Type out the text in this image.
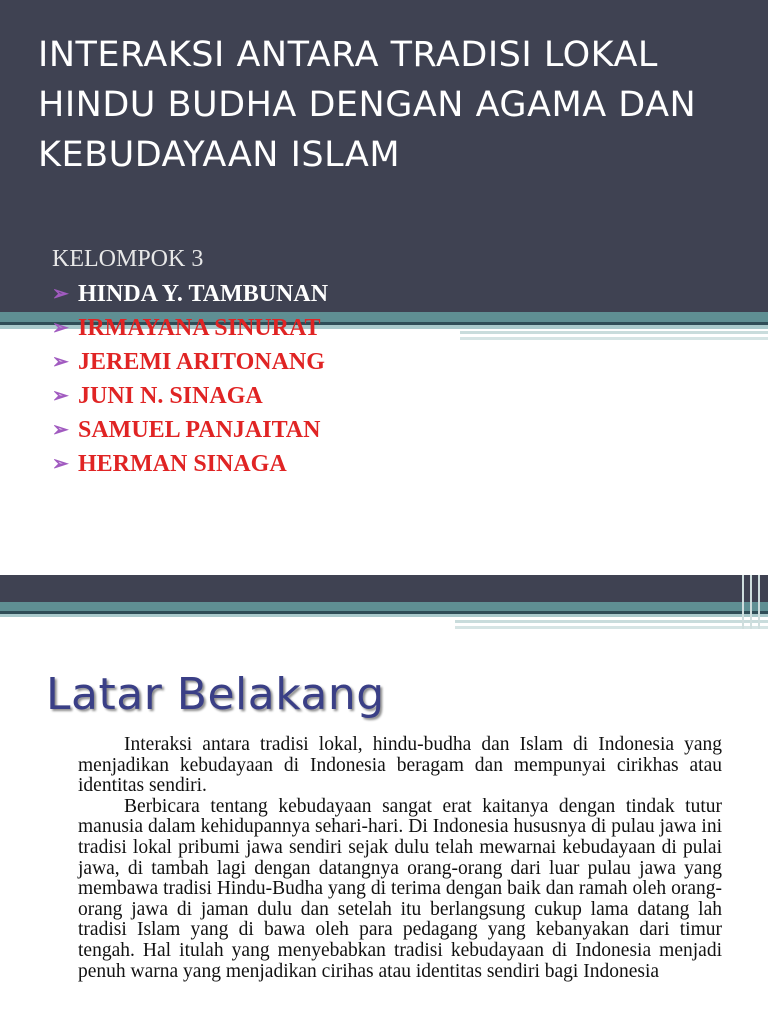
INTERAKSI ANTARA TRADISI LOKAL HINDU BUDHA DENGAN AGAMA DAN KEBUDAYAAN ISLAM
KELOMPOK 3
➢ HINDA Y. TAMBUNAN
➢ IRMAYANA SINURAT
➢ JEREMI ARITONANG
➢ JUNI N. SINAGA
➢ SAMUEL PANJAITAN
➢ HERMAN SINAGA
Latar Belakang

Interaksi antara tradisi lokal, hindu-budha dan Islam di Indonesia yang menjadikan kebudayaan di Indonesia beragam dan mempunyai cirikhas atau identitas sendiri.

Berbicara tentang kebudayaan sangat erat kaitanya dengan tindak tutur manusia dalam kehidupannya sehari-hari. Di Indonesia hususnya di pulau jawa ini tradisi lokal pribumi jawa sendiri sejak dulu telah mewarnai kebudayaan di pulai jawa, di tambah lagi dengan datangnya orang-orang dari luar pulau jawa yang membawa tradisi Hindu-Budha yang di terima dengan baik dan ramah oleh orang-orang jawa di jaman dulu dan setelah itu berlangsung cukup lama datang lah tradisi Islam yang di bawa oleh para pedagang yang kebanyakan dari timur tengah. Hal itulah yang menyebabkan tradisi kebudayaan di Indonesia menjadi penuh warna yang menjadikan cirihas atau identitas sendiri bagi Indonesia
